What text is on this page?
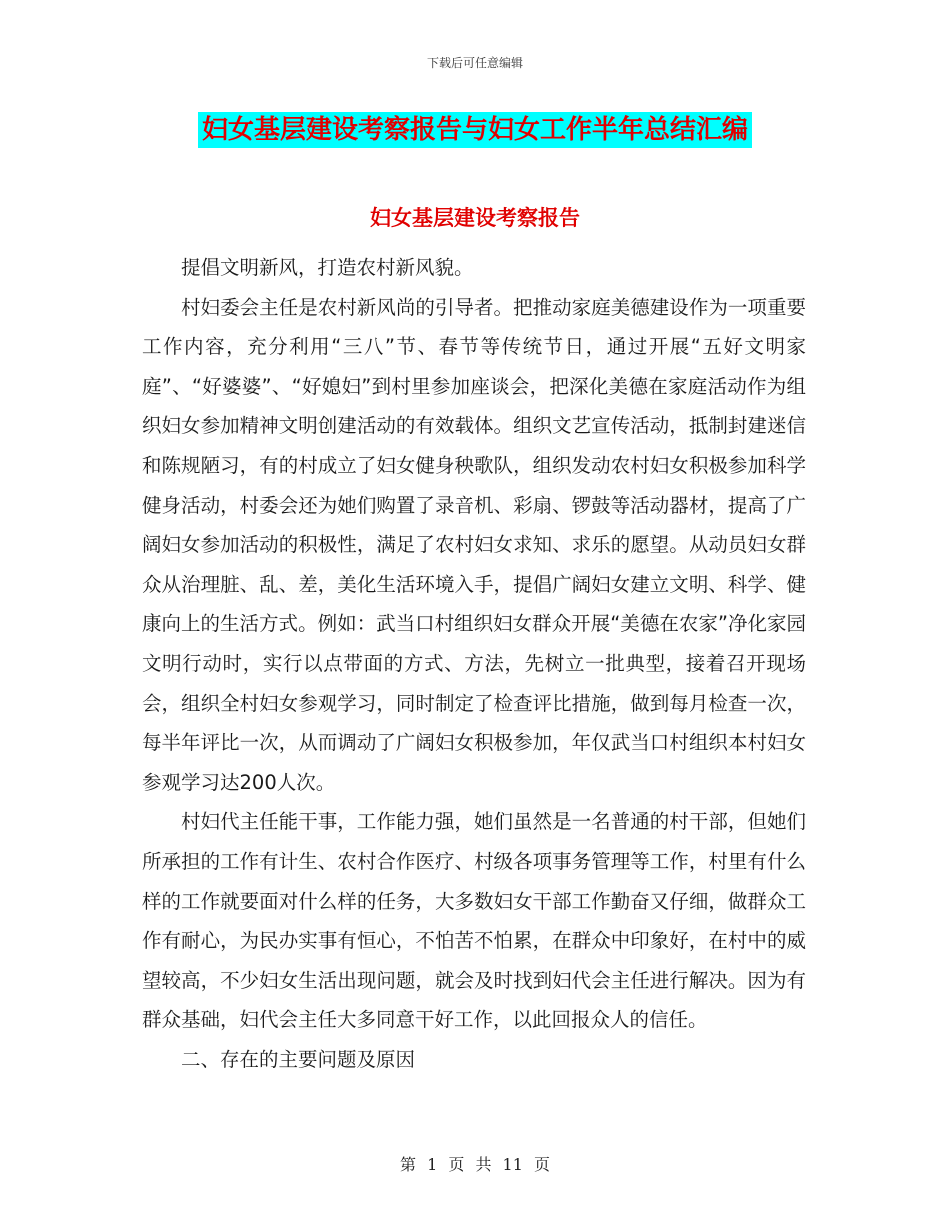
下载后可任意编辑
妇女基层建设考察报告与妇女工作半年总结汇编
妇女基层建设考察报告

提倡文明新风，打造农村新风貌。

村妇委会主任是农村新风尚的引导者。把推动家庭美德建设作为一项重要工作内容，充分利用“三八”节、春节等传统节日，通过开展“五好文明家庭”、“好婆婆”、“好媳妇”到村里参加座谈会，把深化美德在家庭活动作为组织妇女参加精神文明创建活动的有效载体。组织文艺宣传活动，抵制封建迷信和陈规陋习，有的村成立了妇女健身秧歌队，组织发动农村妇女积极参加科学健身活动，村委会还为她们购置了录音机、彩扇、锣鼓等活动器材，提高了广阔妇女参加活动的积极性，满足了农村妇女求知、求乐的愿望。从动员妇女群众从治理脏、乱、差，美化生活环境入手，提倡广阔妇女建立文明、科学、健康向上的生活方式。例如：武当口村组织妇女群众开展“美德在农家”净化家园文明行动时，实行以点带面的方式、方法，先树立一批典型，接着召开现场会，组织全村妇女参观学习，同时制定了检查评比措施，做到每月检查一次，每半年评比一次，从而调动了广阔妇女积极参加，年仅武当口村组织本村妇女参观学习达200人次。

村妇代主任能干事，工作能力强，她们虽然是一名普通的村干部，但她们所承担的工作有计生、农村合作医疗、村级各项事务管理等工作，村里有什么样的工作就要面对什么样的任务，大多数妇女干部工作勤奋又仔细，做群众工作有耐心，为民办实事有恒心，不怕苦不怕累，在群众中印象好，在村中的威望较高，不少妇女生活出现问题，就会及时找到妇代会主任进行解决。因为有群众基础，妇代会主任大多同意干好工作，以此回报众人的信任。

二、存在的主要问题及原因

第 1 页 共 11 页
